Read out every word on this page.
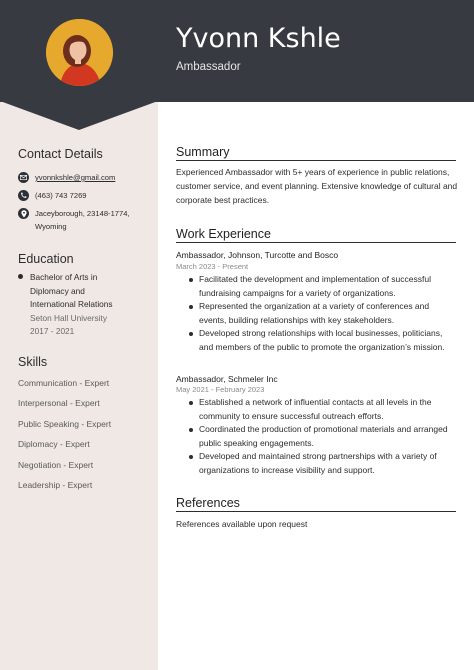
Yvonn Kshle
Ambassador
Contact Details
yvonnkshle@gmail.com
(463) 743 7269
Jaceyborough, 23148-1774,
Wyoming
Education
Bachelor of Arts in
Diplomacy and
International Relations
Seton Hall University
2017 - 2021
Skills
Communication - Expert
Interpersonal - Expert
Public Speaking - Expert
Diplomacy - Expert
Negotiation - Expert
Leadership - Expert
Summary
Experienced Ambassador with 5+ years of experience in public relations, customer service, and event planning. Extensive knowledge of cultural and corporate best practices.
Work Experience
Ambassador, Johnson, Turcotte and Bosco
March 2023 - Present
Facilitated the development and implementation of successful fundraising campaigns for a variety of organizations.
Represented the organization at a variety of conferences and events, building relationships with key stakeholders.
Developed strong relationships with local businesses, politicians, and members of the public to promote the organization’s mission.
Ambassador, Schmeler Inc
May 2021 - February 2023
Established a network of influential contacts at all levels in the community to ensure successful outreach efforts.
Coordinated the production of promotional materials and arranged public speaking engagements.
Developed and maintained strong partnerships with a variety of organizations to increase visibility and support.
References
References available upon request
